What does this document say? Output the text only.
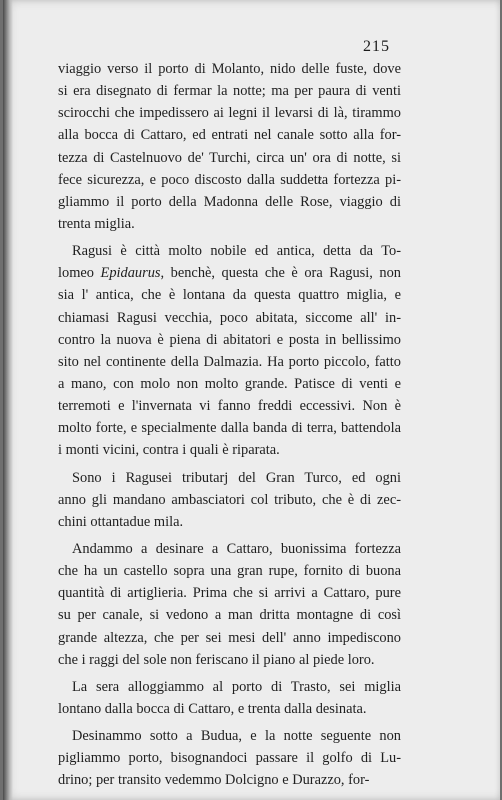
215
viaggio verso il porto di Molanto, nido delle fuste, dove
si era disegnato di fermar la notte; ma per paura di venti
scirocchi che impedissero ai legni il levarsi di là, tirammo
alla bocca di Cattaro, ed entrati nel canale sotto alla for-
tezza di Castelnuovo de' Turchi, circa un' ora di notte, si
fece sicurezza, e poco discosto dalla suddetta fortezza pi-
gliammo il porto della Madonna delle Rose, viaggio di
trenta miglia.
Ragusi è città molto nobile ed antica, detta da To-
lomeo Epidaurus, benchè, questa che è ora Ragusi, non
sia l' antica, che è lontana da questa quattro miglia, e
chiamasi Ragusi vecchia, poco abitata, siccome all' in-
contro la nuova è piena di abitatori e posta in bellissimo
sito nel continente della Dalmazia. Ha porto piccolo, fatto
a mano, con molo non molto grande. Patisce di venti e
terremoti e l'invernata vi fanno freddi eccessivi. Non è
molto forte, e specialmente dalla banda di terra, battendola
i monti vicini, contra i quali è riparata.
Sono i Ragusei tributarj del Gran Turco, ed ogni
anno gli mandano ambasciatori col tributo, che è di zec-
chini ottantadue mila.
Andammo a desinare a Cattaro, buonissima fortezza
che ha un castello sopra una gran rupe, fornito di buona
quantità di artiglieria. Prima che si arrivi a Cattaro, pure
su per canale, si vedono a man dritta montagne di così
grande altezza, che per sei mesi dell' anno impediscono
che i raggi del sole non feriscano il piano al piede loro.
La sera alloggiammo al porto di Trasto, sei miglia
lontano dalla bocca di Cattaro, e trenta dalla desinata.
Desinammo sotto a Budua, e la notte seguente non
pigliammo porto, bisognandoci passare il golfo di Lu-
drino; per transito vedemmo Dolcigno e Durazzo, for-
